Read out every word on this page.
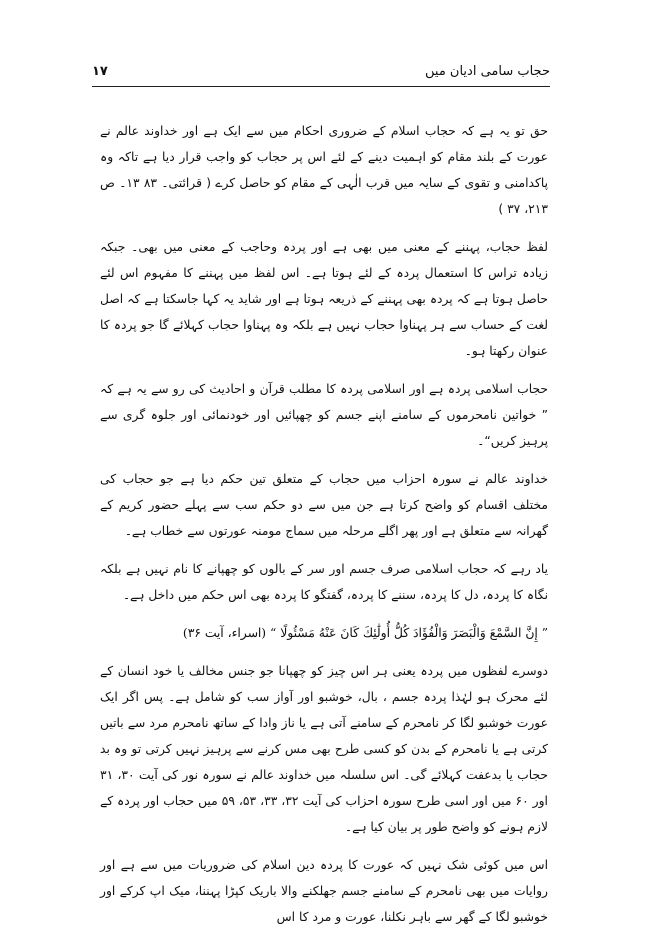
١٧	حجاب سامی ادیان میں

حق تو یہ ہے کہ حجاب اسلام کے ضروری احکام میں سے ایک ہے اور خداوند عالم نے عورت کے بلند مقام کو اہمیت دینے کے لئے اس پر حجاب کو واجب قرار دیا ہے تاکہ وہ پاکدامنی و تقوی کے سایہ میں قرب الٰہی کے مقام کو حاصل کرے ( قرائتی۔ ۸۳ ۱۳۔ ص ۲۱۳، ۳۷ )

لفظ حجاب، پہننے کے معنی میں بھی ہے اور پردہ وحاجب کے معنی میں بھی۔ جبکہ زیادہ تراس کا استعمال پردہ کے لئے ہوتا ہے۔ اس لفظ میں پہننے کا مفہوم اس لئے حاصل ہوتا ہے کہ پردہ بھی پہننے کے ذریعہ ہوتا ہے اور شاید یہ کہا جاسکتا ہے کہ اصل لغت کے حساب سے ہر پہناوا حجاب نہیں ہے بلکہ وہ پہناوا حجاب کہلائے گا جو پردہ کا عنوان رکھتا ہو۔

حجاب اسلامی پردہ ہے اور اسلامی پردہ کا مطلب قرآن و احادیث کی رو سے یہ ہے کہ ” خواتین نامحرموں کے سامنے اپنے جسم کو چھپائیں اور خودنمائی اور جلوہ گری سے پرہیز کریں“۔

خداوند عالم نے سورہ احزاب میں حجاب کے متعلق تین حکم دیا ہے جو حجاب کی مختلف اقسام کو واضح کرتا ہے جن میں سے دو حکم سب سے پہلے حضور کریم کے گھرانہ سے متعلق ہے اور پھر اگلے مرحلہ میں سماج مومنہ عورتوں سے خطاب ہے۔

یاد رہے کہ حجاب اسلامی صرف جسم اور سر کے بالوں کو چھپانے کا نام نہیں ہے بلکہ نگاہ کا پردہ، دل کا پردہ، سننے کا پردہ، گفتگو کا پردہ بھی اس حکم میں داخل ہے۔

” إِنَّ السَّمْعَ وَالْبَصَرَ وَالْفُؤَادَ كُلُّ أُولَٰئِكَ كَانَ عَنْهُ مَسْئُولًا “ (اسراء، آیت ۳۶)

دوسرے لفظوں میں پردہ یعنی ہر اس چیز کو چھپانا جو جنس مخالف یا خود انسان کے لئے محرک ہو لہٰذا پردہ جسم ، بال، خوشبو اور آواز سب کو شامل ہے۔ پس اگر ایک عورت خوشبو لگا کر نامحرم کے سامنے آتی ہے یا ناز وادا کے ساتھ نامحرم مرد سے باتیں کرتی ہے یا نامحرم کے بدن کو کسی طرح بھی مس کرنے سے پرہیز نہیں کرتی تو وہ بد حجاب یا بدعفت کہلائے گی۔ اس سلسلہ میں خداوند عالم نے سورہ نور کی آیت ۳۰، ۳۱ اور ۶۰ میں اور اسی طرح سورہ احزاب کی آیت ۳۲، ۳۳، ۵۳، ۵۹ میں حجاب اور پردہ کے لازم ہونے کو واضح طور پر بیان کیا ہے۔

اس میں کوئی شک نہیں کہ عورت کا پردہ دین اسلام کی ضروریات میں سے ہے اور روایات میں بھی نامحرم کے سامنے جسم جھلکنے والا باریک کپڑا پہننا، میک اپ کرکے اور خوشبو لگا کے گھر سے باہر نکلنا، عورت و مرد کا اس
